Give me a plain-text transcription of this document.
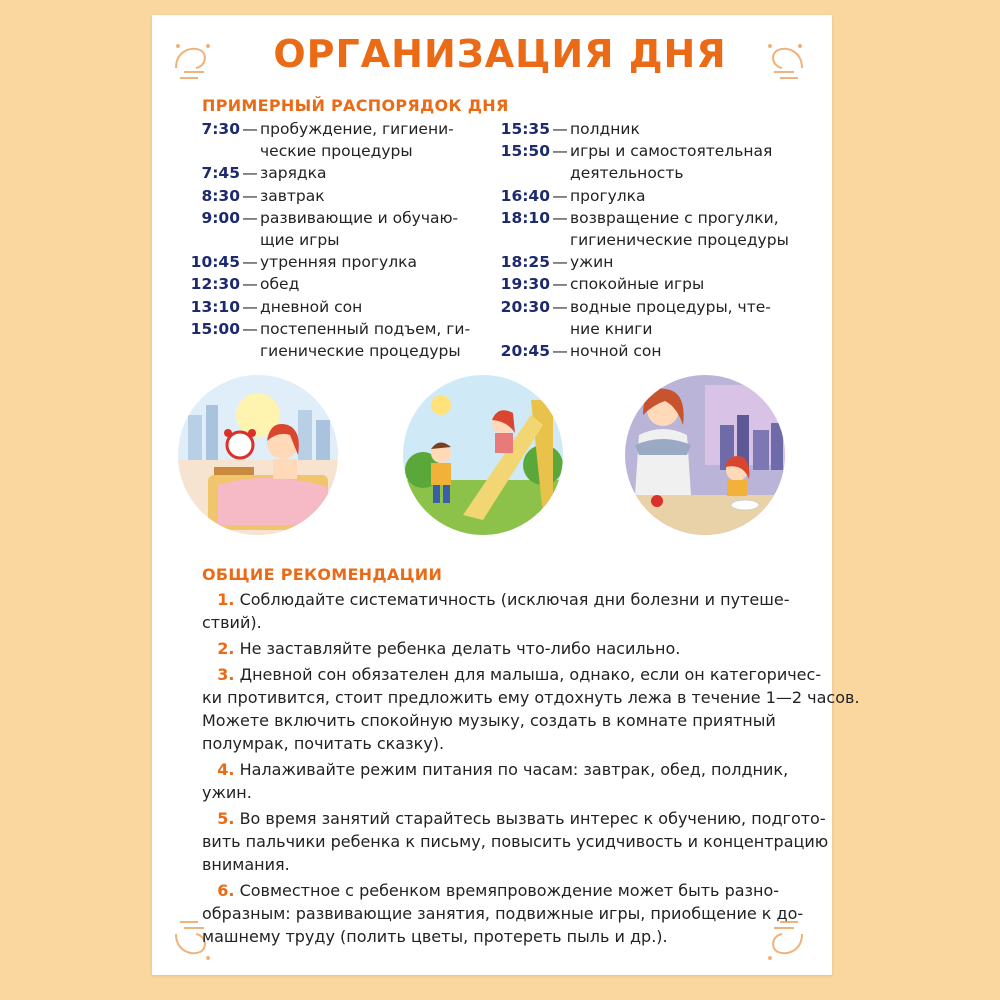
ОРГАНИЗАЦИЯ ДНЯ
ПРИМЕРНЫЙ РАСПОРЯДОК ДНЯ
7:30 — пробуждение, гигиени-
ческие процедуры
7:45 — зарядка
8:30 — завтрак
9:00 — развивающие и обучаю-
щие игры
10:45 — утренняя прогулка
12:30 — обед
13:10 — дневной сон
15:00 — постепенный подъем, ги-
гиенические процедуры
15:35 — полдник
15:50 — игры и самостоятельная
деятельность
16:40 — прогулка
18:10 — возвращение с прогулки,
гигиенические процедуры
18:25 — ужин
19:30 — спокойные игры
20:30 — водные процедуры, чте-
ние книги
20:45 — ночной сон
ОБЩИЕ РЕКОМЕНДАЦИИ
1. Соблюдайте систематичность (исключая дни болезни и путеше-
ствий).
2. Не заставляйте ребенка делать что-либо насильно.
3. Дневной сон обязателен для малыша, однако, если он категоричес-
ки противится, стоит предложить ему отдохнуть лежа в течение 1—2 часов.
Можете включить спокойную музыку, создать в комнате приятный
полумрак, почитать сказку).
4. Налаживайте режим питания по часам: завтрак, обед, полдник,
ужин.
5. Во время занятий старайтесь вызвать интерес к обучению, подгото-
вить пальчики ребенка к письму, повысить усидчивость и концентрацию
внимания.
6. Совместное с ребенком времяпровождение может быть разно-
образным: развивающие занятия, подвижные игры, приобщение к до-
машнему труду (полить цветы, протереть пыль и др.).
